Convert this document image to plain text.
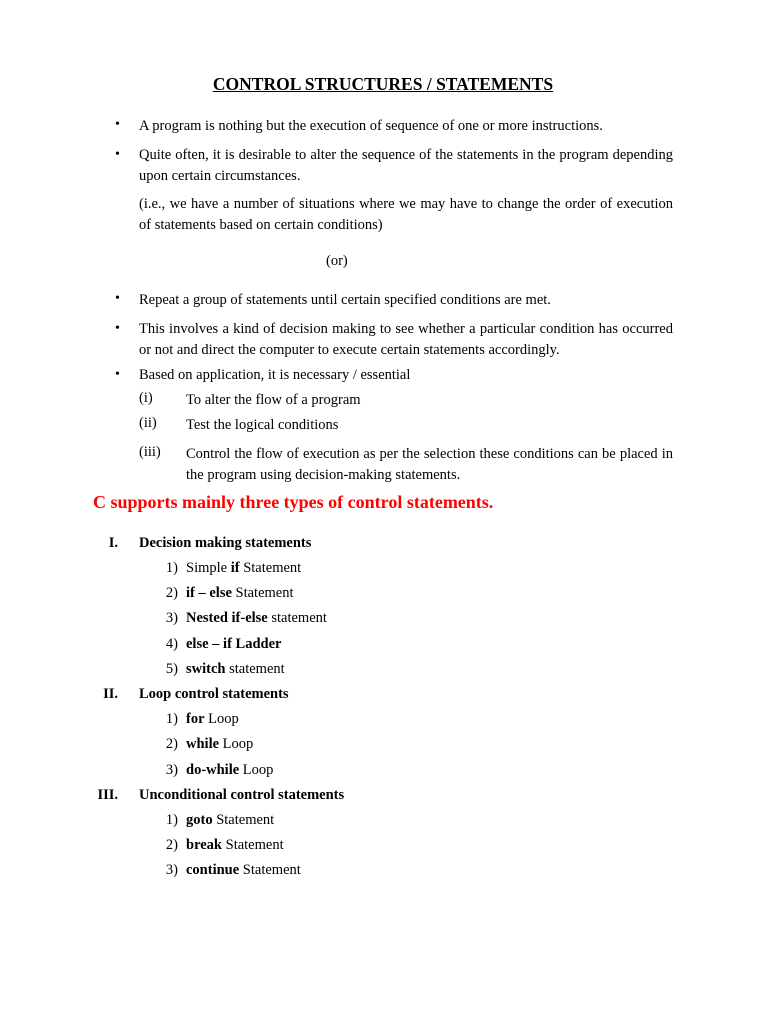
CONTROL STRUCTURES / STATEMENTS
• A program is nothing but the execution of sequence of one or more instructions.
• Quite often, it is desirable to alter the sequence of the statements in the program depending upon certain circumstances.
(i.e., we have a number of situations where we may have to change the order of execution of statements based on certain conditions)
(or)
• Repeat a group of statements until certain specified conditions are met.
• This involves a kind of decision making to see whether a particular condition has occurred or not and direct the computer to execute certain statements accordingly.
• Based on application, it is necessary / essential
(i) To alter the flow of a program
(ii) Test the logical conditions
(iii) Control the flow of execution as per the selection these conditions can be placed in the program using decision-making statements.
C supports mainly three types of control statements.
I. Decision making statements
1) Simple if Statement
2) if – else Statement
3) Nested if-else statement
4) else – if Ladder
5) switch statement
II. Loop control statements
1) for Loop
2) while Loop
3) do-while Loop
III. Unconditional control statements
1) goto Statement
2) break Statement
3) continue Statement
